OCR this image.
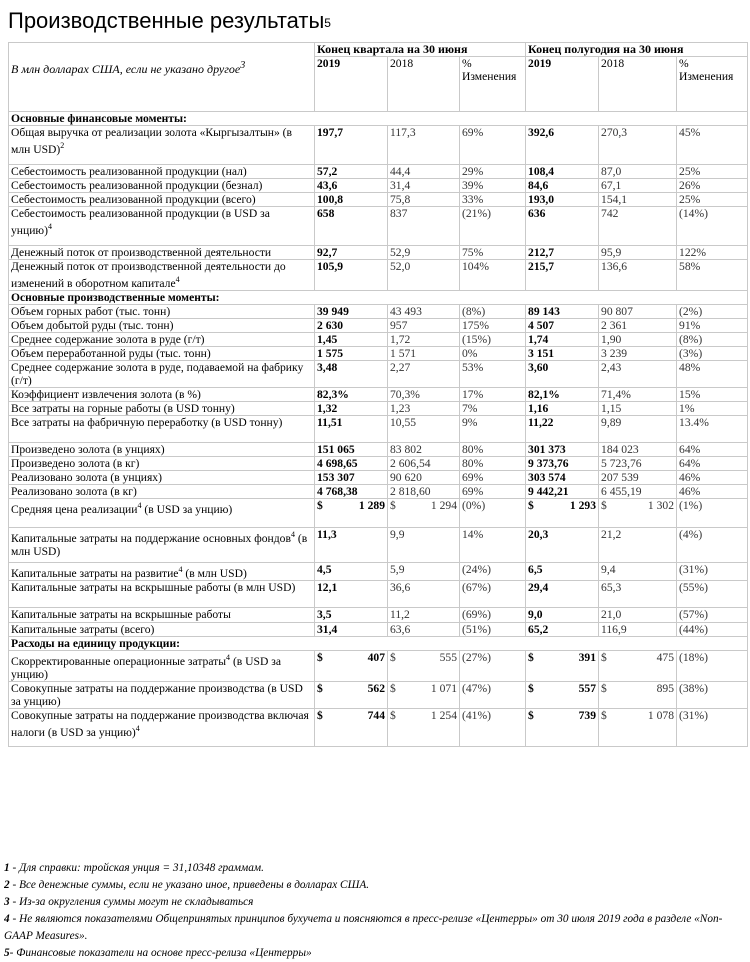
Производственные результаты$^5$
В млн долларах США, если не указано другое$^3$	Конец квартала на 30 июня			Конец полугодия на 30 июня		
	2019	2018	% Изменения	2019	2018	% Изменения
Основные финансовые моменты:						
Общая выручка от реализации золота «Кыргызалтын» (в млн USD)$^2$	197,7	117,3	69%	392,6	270,3	45%
Себестоимость реализованной продукции (нал)	57,2	44,4	29%	108,4	87,0	25%
Себестоимость реализованной продукции (безнал)	43,6	31,4	39%	84,6	67,1	26%
Себестоимость реализованной продукции (всего)	100,8	75,8	33%	193,0	154,1	25%
Себестоимость реализованной продукции (в USD за унцию)$^4$	658	837	(21%)	636	742	(14%)
Денежный поток от производственной деятельности	92,7	52,9	75%	212,7	95,9	122%
Денежный поток от производственной деятельности до изменений в оборотном капитале$^4$	105,9	52,0	104%	215,7	136,6	58%
Основные производственные моменты:						
Объем горных работ (тыс. тонн)	39 949	43 493	(8%)	89 143	90 807	(2%)
Объем добытой руды (тыс. тонн)	2 630	957	175%	4 507	2 361	91%
Среднее содержание золота в руде (г/т)	1,45	1,72	(15%)	1,74	1,90	(8%)
Объем переработанной руды (тыс. тонн)	1 575	1 571	0%	3 151	3 239	(3%)
Среднее содержание золота в руде, подаваемой на фабрику (г/т)	3,48	2,27	53%	3,60	2,43	48%
Коэффициент извлечения золота (в %)	82,3%	70,3%	17%	82,1%	71,4%	15%
Все затраты на горные работы (в USD тонну)	1,32	1,23	7%	1,16	1,15	1%
Все затраты на фабричную переработку (в USD тонну)	11,51	10,55	9%	11,22	9,89	13.4%
Произведено золота (в унциях)	151 065	83 802	80%	301 373	184 023	64%
Произведено золота (в кг)	4 698,65	2 606,54	80%	9 373,76	5 723,76	64%
Реализовано золота (в унциях)	153 307	90 620	69%	303 574	207 539	46%
Реализовано золота (в кг)	4 768,38	2 818,60	69%	9 442,21	6 455,19	46%
Средняя цена реализации$^4$ (в USD за унцию)	$ 1 289	$ 1 294	(0%)	$ 1 293	$ 1 302	(1%)
Капитальные затраты на поддержание основных фондов$^4$ (в млн USD)	11,3	9,9	14%	20,3	21,2	(4%)
Капитальные затраты на развитие$^4$ (в млн USD)	4,5	5,9	(24%)	6,5	9,4	(31%)
Капитальные затраты на вскрышные работы (в млн USD)	12,1	36,6	(67%)	29,4	65,3	(55%)
Капитальные затраты на вскрышные работы	3,5	11,2	(69%)	9,0	21,0	(57%)
Капитальные затраты (всего)	31,4	63,6	(51%)	65,2	116,9	(44%)
Расходы на единицу продукции:						
Скорректированные операционные затраты$^4$ (в USD за унцию)	$ 407	$ 555	(27%)	$ 391	$ 475	(18%)
Совокупные затраты на поддержание производства (в USD за унцию)	$ 562	$ 1 071	(47%)	$ 557	$ 895	(38%)
Совокупные затраты на поддержание производства включая налоги (в USD за унцию)$^4$	$ 744	$ 1 254	(41%)	$ 739	$ 1 078	(31%)
1 - Для справки: тройская унция = 31,10348 граммам.
2 - Все денежные суммы, если не указано иное, приведены в долларах США.
3 - Из-за округления суммы могут не складываться
4 - Не являются показателями Общепринятых принципов бухучета и поясняются в пресс-релизе «Центерры» от 30 июля 2019 года в разделе «Non-GAAP Measures».
5- Финансовые показатели на основе пресс-релиза «Центерры»
